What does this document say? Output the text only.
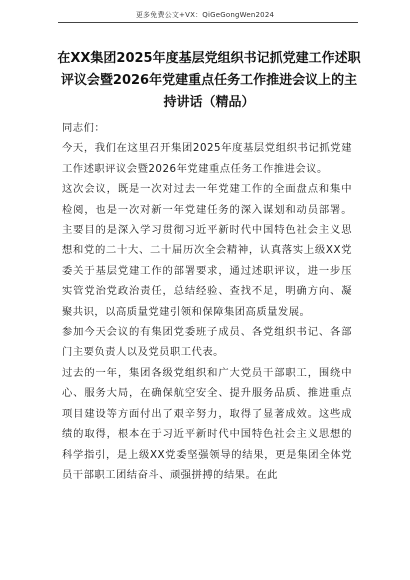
更多免费公文+VX：QiGeGongWen2024
在XX集团2025年度基层党组织书记抓党建工作述职评议会暨2026年党建重点任务工作推进会议上的主持讲话（精品）

同志们：

今天，我们在这里召开集团2025年度基层党组织书记抓党建工作述职评议会暨2026年党建重点任务工作推进会议。

这次会议，既是一次对过去一年党建工作的全面盘点和集中检阅，也是一次对新一年党建任务的深入谋划和动员部署。主要目的是深入学习贯彻习近平新时代中国特色社会主义思想和党的二十大、二十届历次全会精神，认真落实上级XX党委关于基层党建工作的部署要求，通过述职评议，进一步压实管党治党政治责任，总结经验、查找不足，明确方向、凝聚共识，以高质量党建引领和保障集团高质量发展。

参加今天会议的有集团党委班子成员、各党组织书记、各部门主要负责人以及党员职工代表。

过去的一年，集团各级党组织和广大党员干部职工，围绕中心、服务大局，在确保航空安全、提升服务品质、推进重点项目建设等方面付出了艰辛努力，取得了显著成效。这些成绩的取得，根本在于习近平新时代中国特色社会主义思想的科学指引，是上级XX党委坚强领导的结果，更是集团全体党员干部职工团结奋斗、顽强拼搏的结果。在此
